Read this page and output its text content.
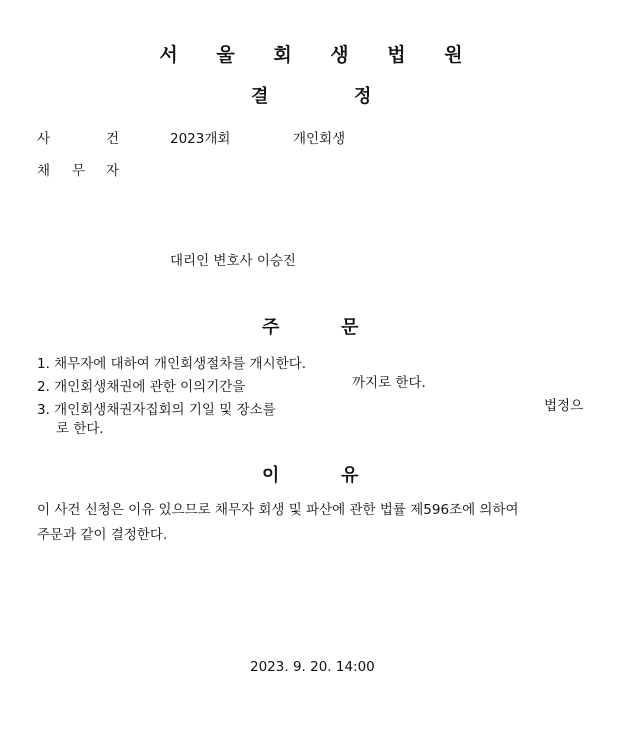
서 울 회 생 법 원
결	정
사	건	2023개회	개인회생
채 무 자
대리인 변호사 이승진
주	문
1. 채무자에 대하여 개인회생절차를 개시한다.
2. 개인회생채권에 관한 이의기간을	까지로 한다.
3. 개인회생채권자집회의 기일 및 장소를	법정으
로 한다.
이	유
이 사건 신청은 이유 있으므로 채무자 회생 및 파산에 관한 법률 제596조에 의하여
주문과 같이 결정한다.
2023. 9. 20. 14:00
